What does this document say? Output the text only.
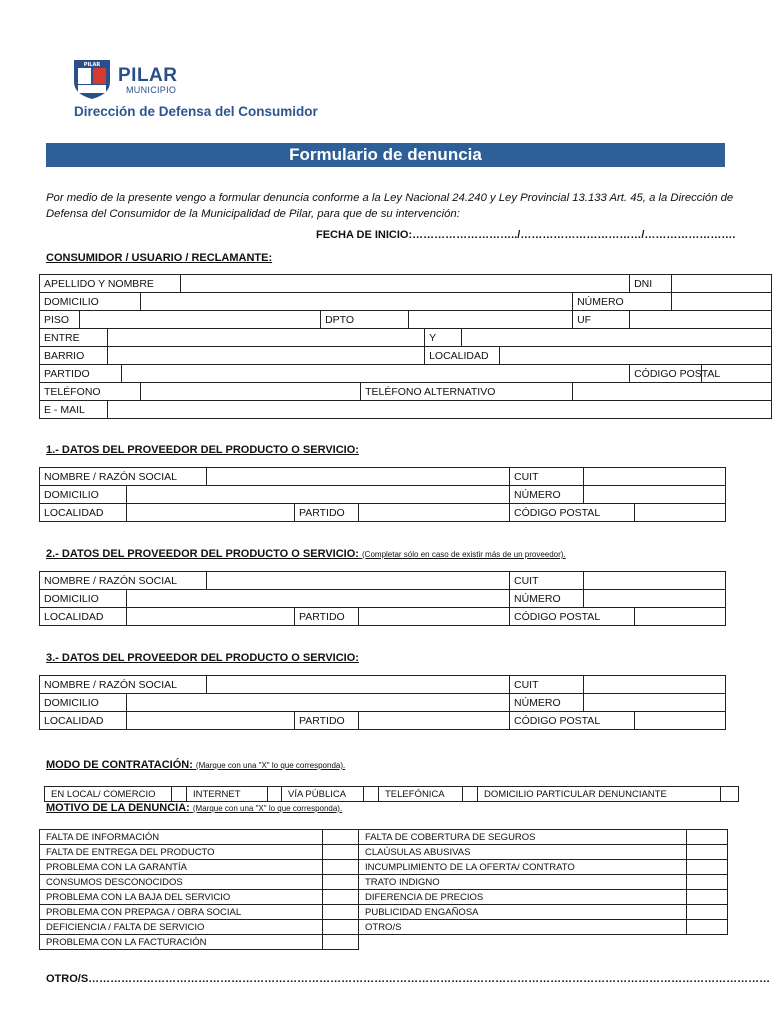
PILAR PILAR
MUNICIPIO
Dirección de Defensa del Consumidor
Formulario de denuncia
Por medio de la presente vengo a formular denuncia conforme a la Ley Nacional 24.240 y Ley Provincial 13.133 Art. 45, a la Dirección de Defensa del Consumidor de la Municipalidad de Pilar, para que de su intervención:
FECHA DE INICIO:………………………../……………………………/…………………….
CONSUMIDOR / USUARIO / RECLAMANTE:
APELLIDO Y NOMBRE													DNI		
DOMICILIO												NÚMERO			
PISO						DPTO						UF			
ENTRE									Y						
BARRIO									LOCALIDAD						
PARTIDO													CÓDIGO POSTAL		
TELÉFONO							TELÉFONO ALTERNATIVO								
E - MAIL															
1.- DATOS DEL PROVEEDOR DEL PRODUCTO O SERVICIO:
NOMBRE / RAZÓN SOCIAL					CUIT		
DOMICILIO					NÚMERO		
LOCALIDAD			PARTIDO		CÓDIGO POSTAL		
2.- DATOS DEL PROVEEDOR DEL PRODUCTO O SERVICIO: (Completar sólo en caso de existir más de un proveedor).
NOMBRE / RAZÓN SOCIAL					CUIT		
DOMICILIO					NÚMERO		
LOCALIDAD			PARTIDO		CÓDIGO POSTAL		
3.- DATOS DEL PROVEEDOR DEL PRODUCTO O SERVICIO:
NOMBRE / RAZÓN SOCIAL					CUIT		
DOMICILIO					NÚMERO		
LOCALIDAD			PARTIDO		CÓDIGO POSTAL		
MODO DE CONTRATACIÓN: (Marque con una "X" lo que corresponda).
EN LOCAL/ COMERCIO		INTERNET		VÍA PÚBLICA		TELEFÓNICA		DOMICILIO PARTICULAR DENUNCIANTE	
MOTIVO DE LA DENUNCIA: (Marque con una "X" lo que corresponda).
FALTA DE INFORMACIÓN		FALTA DE COBERTURA DE SEGUROS	
FALTA DE ENTREGA DEL PRODUCTO		CLAÚSULAS ABUSIVAS	
PROBLEMA CON LA GARANTÍA		INCUMPLIMIENTO DE LA OFERTA/ CONTRATO	
CONSUMOS DESCONOCIDOS		TRATO INDIGNO	
PROBLEMA CON LA BAJA DEL SERVICIO		DIFERENCIA DE PRECIOS	
PROBLEMA CON PREPAGA / OBRA SOCIAL		PUBLICIDAD ENGAÑOSA	
DEFICIENCIA / FALTA DE SERVICIO		OTRO/S	
PROBLEMA CON LA FACTURACIÓN			
OTRO/S……………………………………………………………………………………………………………………………………………………………………
